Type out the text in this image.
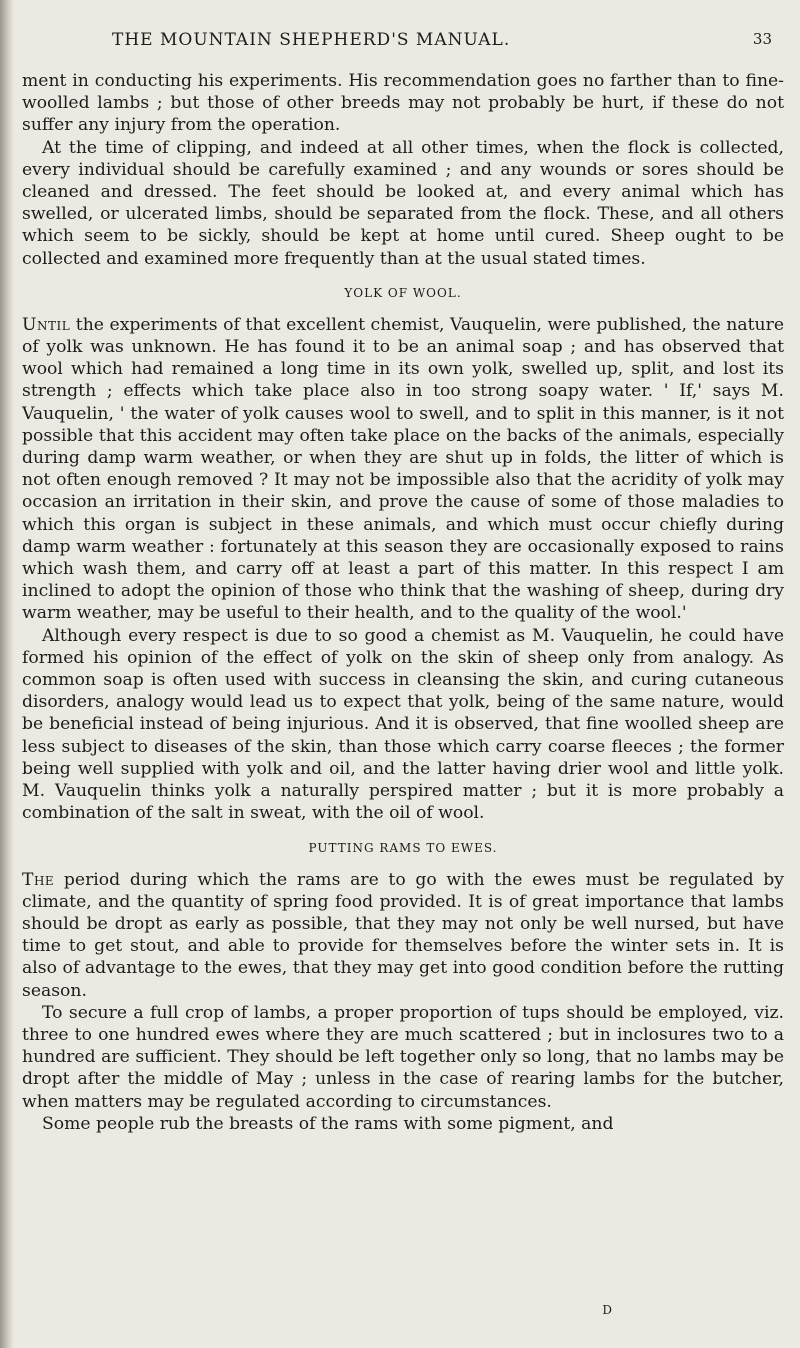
THE MOUNTAIN SHEPHERD'S MANUAL.	33

ment in conducting his experiments. His recommendation goes no farther than to fine-woolled lambs ; but those of other breeds may not probably be hurt, if these do not suffer any injury from the operation.

At the time of clipping, and indeed at all other times, when the flock is collected, every individual should be carefully examined ; and any wounds or sores should be cleaned and dressed. The feet should be looked at, and every animal which has swelled, or ulcerated limbs, should be separated from the flock. These, and all others which seem to be sickly, should be kept at home until cured. Sheep ought to be collected and examined more frequently than at the usual stated times.

YOLK OF WOOL.

Until the experiments of that excellent chemist, Vauquelin, were published, the nature of yolk was unknown. He has found it to be an animal soap ; and has observed that wool which had remained a long time in its own yolk, swelled up, split, and lost its strength ; effects which take place also in too strong soapy water. ' If,' says M. Vauquelin, ' the water of yolk causes wool to swell, and to split in this manner, is it not possible that this accident may often take place on the backs of the animals, especially during damp warm weather, or when they are shut up in folds, the litter of which is not often enough removed ? It may not be impossible also that the acridity of yolk may occasion an irritation in their skin, and prove the cause of some of those maladies to which this organ is subject in these animals, and which must occur chiefly during damp warm weather : fortunately at this season they are occasionally exposed to rains which wash them, and carry off at least a part of this matter. In this respect I am inclined to adopt the opinion of those who think that the washing of sheep, during dry warm weather, may be useful to their health, and to the quality of the wool.'

Although every respect is due to so good a chemist as M. Vauquelin, he could have formed his opinion of the effect of yolk on the skin of sheep only from analogy. As common soap is often used with success in cleansing the skin, and curing cutaneous disorders, analogy would lead us to expect that yolk, being of the same nature, would be beneficial instead of being injurious. And it is observed, that fine woolled sheep are less subject to diseases of the skin, than those which carry coarse fleeces ; the former being well supplied with yolk and oil, and the latter having drier wool and little yolk. M. Vauquelin thinks yolk a naturally perspired matter ; but it is more probably a combination of the salt in sweat, with the oil of wool.

PUTTING RAMS TO EWES.

The period during which the rams are to go with the ewes must be regulated by climate, and the quantity of spring food provided. It is of great importance that lambs should be dropt as early as possible, that they may not only be well nursed, but have time to get stout, and able to provide for themselves before the winter sets in. It is also of advantage to the ewes, that they may get into good condition before the rutting season.

To secure a full crop of lambs, a proper proportion of tups should be employed, viz. three to one hundred ewes where they are much scattered ; but in inclosures two to a hundred are sufficient. They should be left together only so long, that no lambs may be dropt after the middle of May ; unless in the case of rearing lambs for the butcher, when matters may be regulated according to circumstances.

Some people rub the breasts of the rams with some pigment, and

D
